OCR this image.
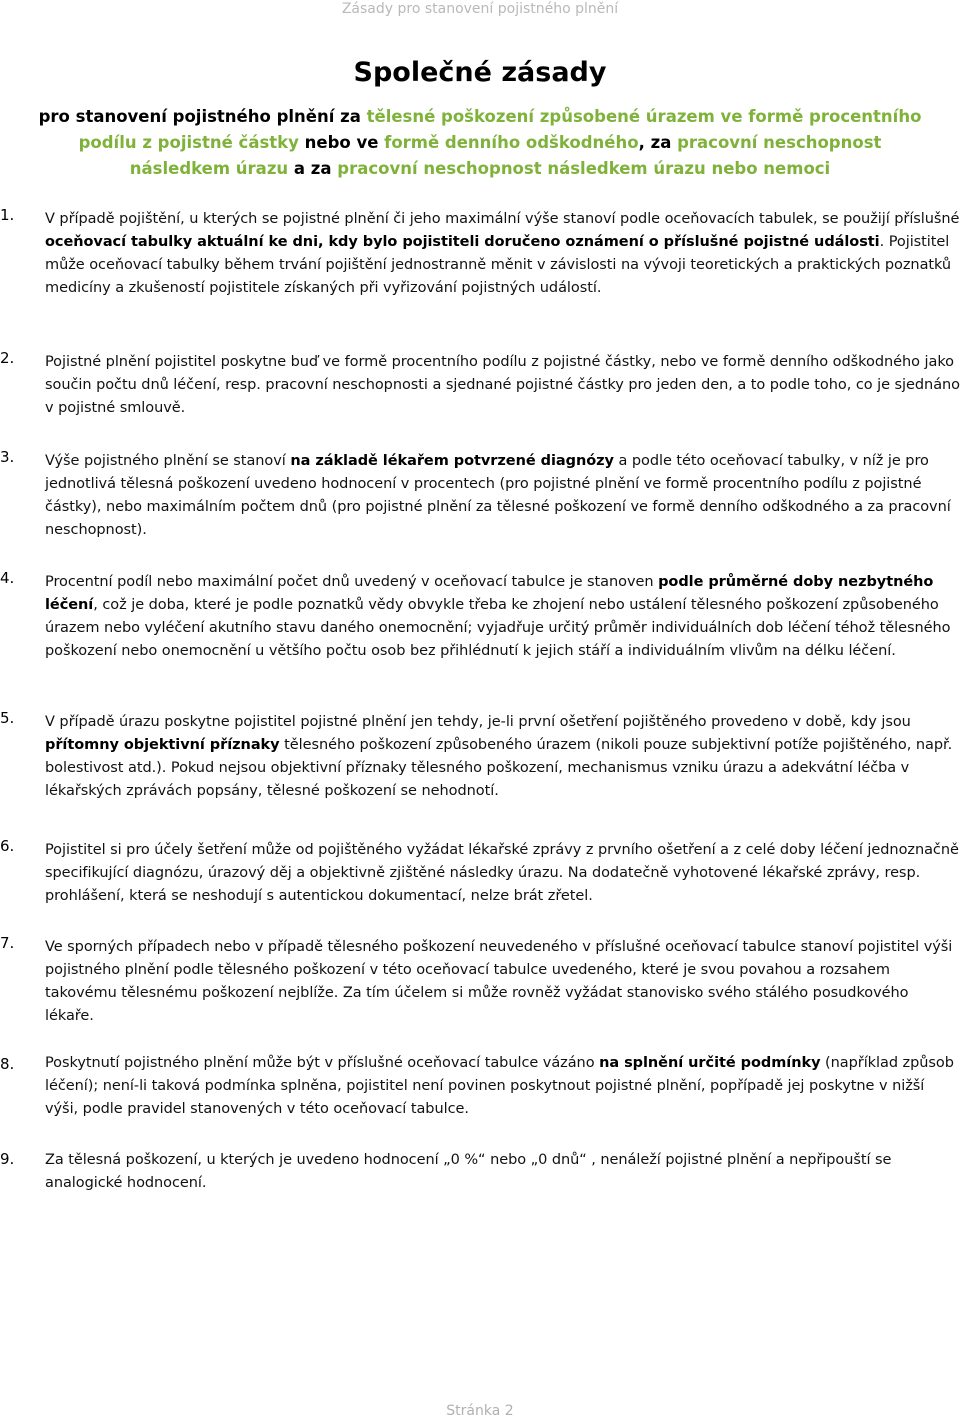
Zásady pro stanovení pojistného plnění
Společné zásady

pro stanovení pojistného plnění za tělesné poškození způsobené úrazem ve formě procentního podílu z pojistné částky nebo ve formě denního odškodného, za pracovní neschopnost následkem úrazu a za pracovní neschopnost následkem úrazu nebo nemoci

1. V případě pojištění, u kterých se pojistné plnění či jeho maximální výše stanoví podle oceňovacích tabulek, se použijí příslušné oceňovací tabulky aktuální ke dni, kdy bylo pojistiteli doručeno oznámení o příslušné pojistné události. Pojistitel může oceňovací tabulky během trvání pojištění jednostranně měnit v závislosti na vývoji teoretických a praktických poznatků medicíny a zkušeností pojistitele získaných při vyřizování pojistných událostí.
2. Pojistné plnění pojistitel poskytne buď ve formě procentního podílu z pojistné částky, nebo ve formě denního odškodného jako součin počtu dnů léčení, resp. pracovní neschopnosti a sjednané pojistné částky pro jeden den, a to podle toho, co je sjednáno v pojistné smlouvě.
3. Výše pojistného plnění se stanoví na základě lékařem potvrzené diagnózy a podle této oceňovací tabulky, v níž je pro jednotlivá tělesná poškození uvedeno hodnocení v procentech (pro pojistné plnění ve formě procentního podílu z pojistné částky), nebo maximálním počtem dnů (pro pojistné plnění za tělesné poškození ve formě denního odškodného a za pracovní neschopnost).
4. Procentní podíl nebo maximální počet dnů uvedený v oceňovací tabulce je stanoven podle průměrné doby nezbytného léčení, což je doba, které je podle poznatků vědy obvykle třeba ke zhojení nebo ustálení tělesného poškození způsobeného úrazem nebo vyléčení akutního stavu daného onemocnění; vyjadřuje určitý průměr individuálních dob léčení téhož tělesného poškození nebo onemocnění u většího počtu osob bez přihlédnutí k jejich stáří a individuálním vlivům na délku léčení.
5. V případě úrazu poskytne pojistitel pojistné plnění jen tehdy, je-li první ošetření pojištěného provedeno v době, kdy jsou přítomny objektivní příznaky tělesného poškození způsobeného úrazem (nikoli pouze subjektivní potíže pojištěného, např. bolestivost atd.). Pokud nejsou objektivní příznaky tělesného poškození, mechanismus vzniku úrazu a adekvátní léčba v lékařských zprávách popsány, tělesné poškození se nehodnotí.
6. Pojistitel si pro účely šetření může od pojištěného vyžádat lékařské zprávy z prvního ošetření a z celé doby léčení jednoznačně specifikující diagnózu, úrazový děj a objektivně zjištěné následky úrazu. Na dodatečně vyhotovené lékařské zprávy, resp. prohlášení, která se neshodují s autentickou dokumentací, nelze brát zřetel.
7. Ve sporných případech nebo v případě tělesného poškození neuvedeného v příslušné oceňovací tabulce stanoví pojistitel výši pojistného plnění podle tělesného poškození v této oceňovací tabulce uvedeného, které je svou povahou a rozsahem takovému tělesnému poškození nejblíže. Za tím účelem si může rovněž vyžádat stanovisko svého stálého posudkového lékaře.
8. Poskytnutí pojistného plnění může být v příslušné oceňovací tabulce vázáno na splnění určité podmínky (například způsob léčení); není-li taková podmínka splněna, pojistitel není povinen poskytnout pojistné plnění, popřípadě jej poskytne v nižší výši, podle pravidel stanovených v této oceňovací tabulce.
9. Za tělesná poškození, u kterých je uvedeno hodnocení „0 %“ nebo „0 dnů“ , nenáleží pojistné plnění a nepřipouští se analogické hodnocení.
Stránka 2
